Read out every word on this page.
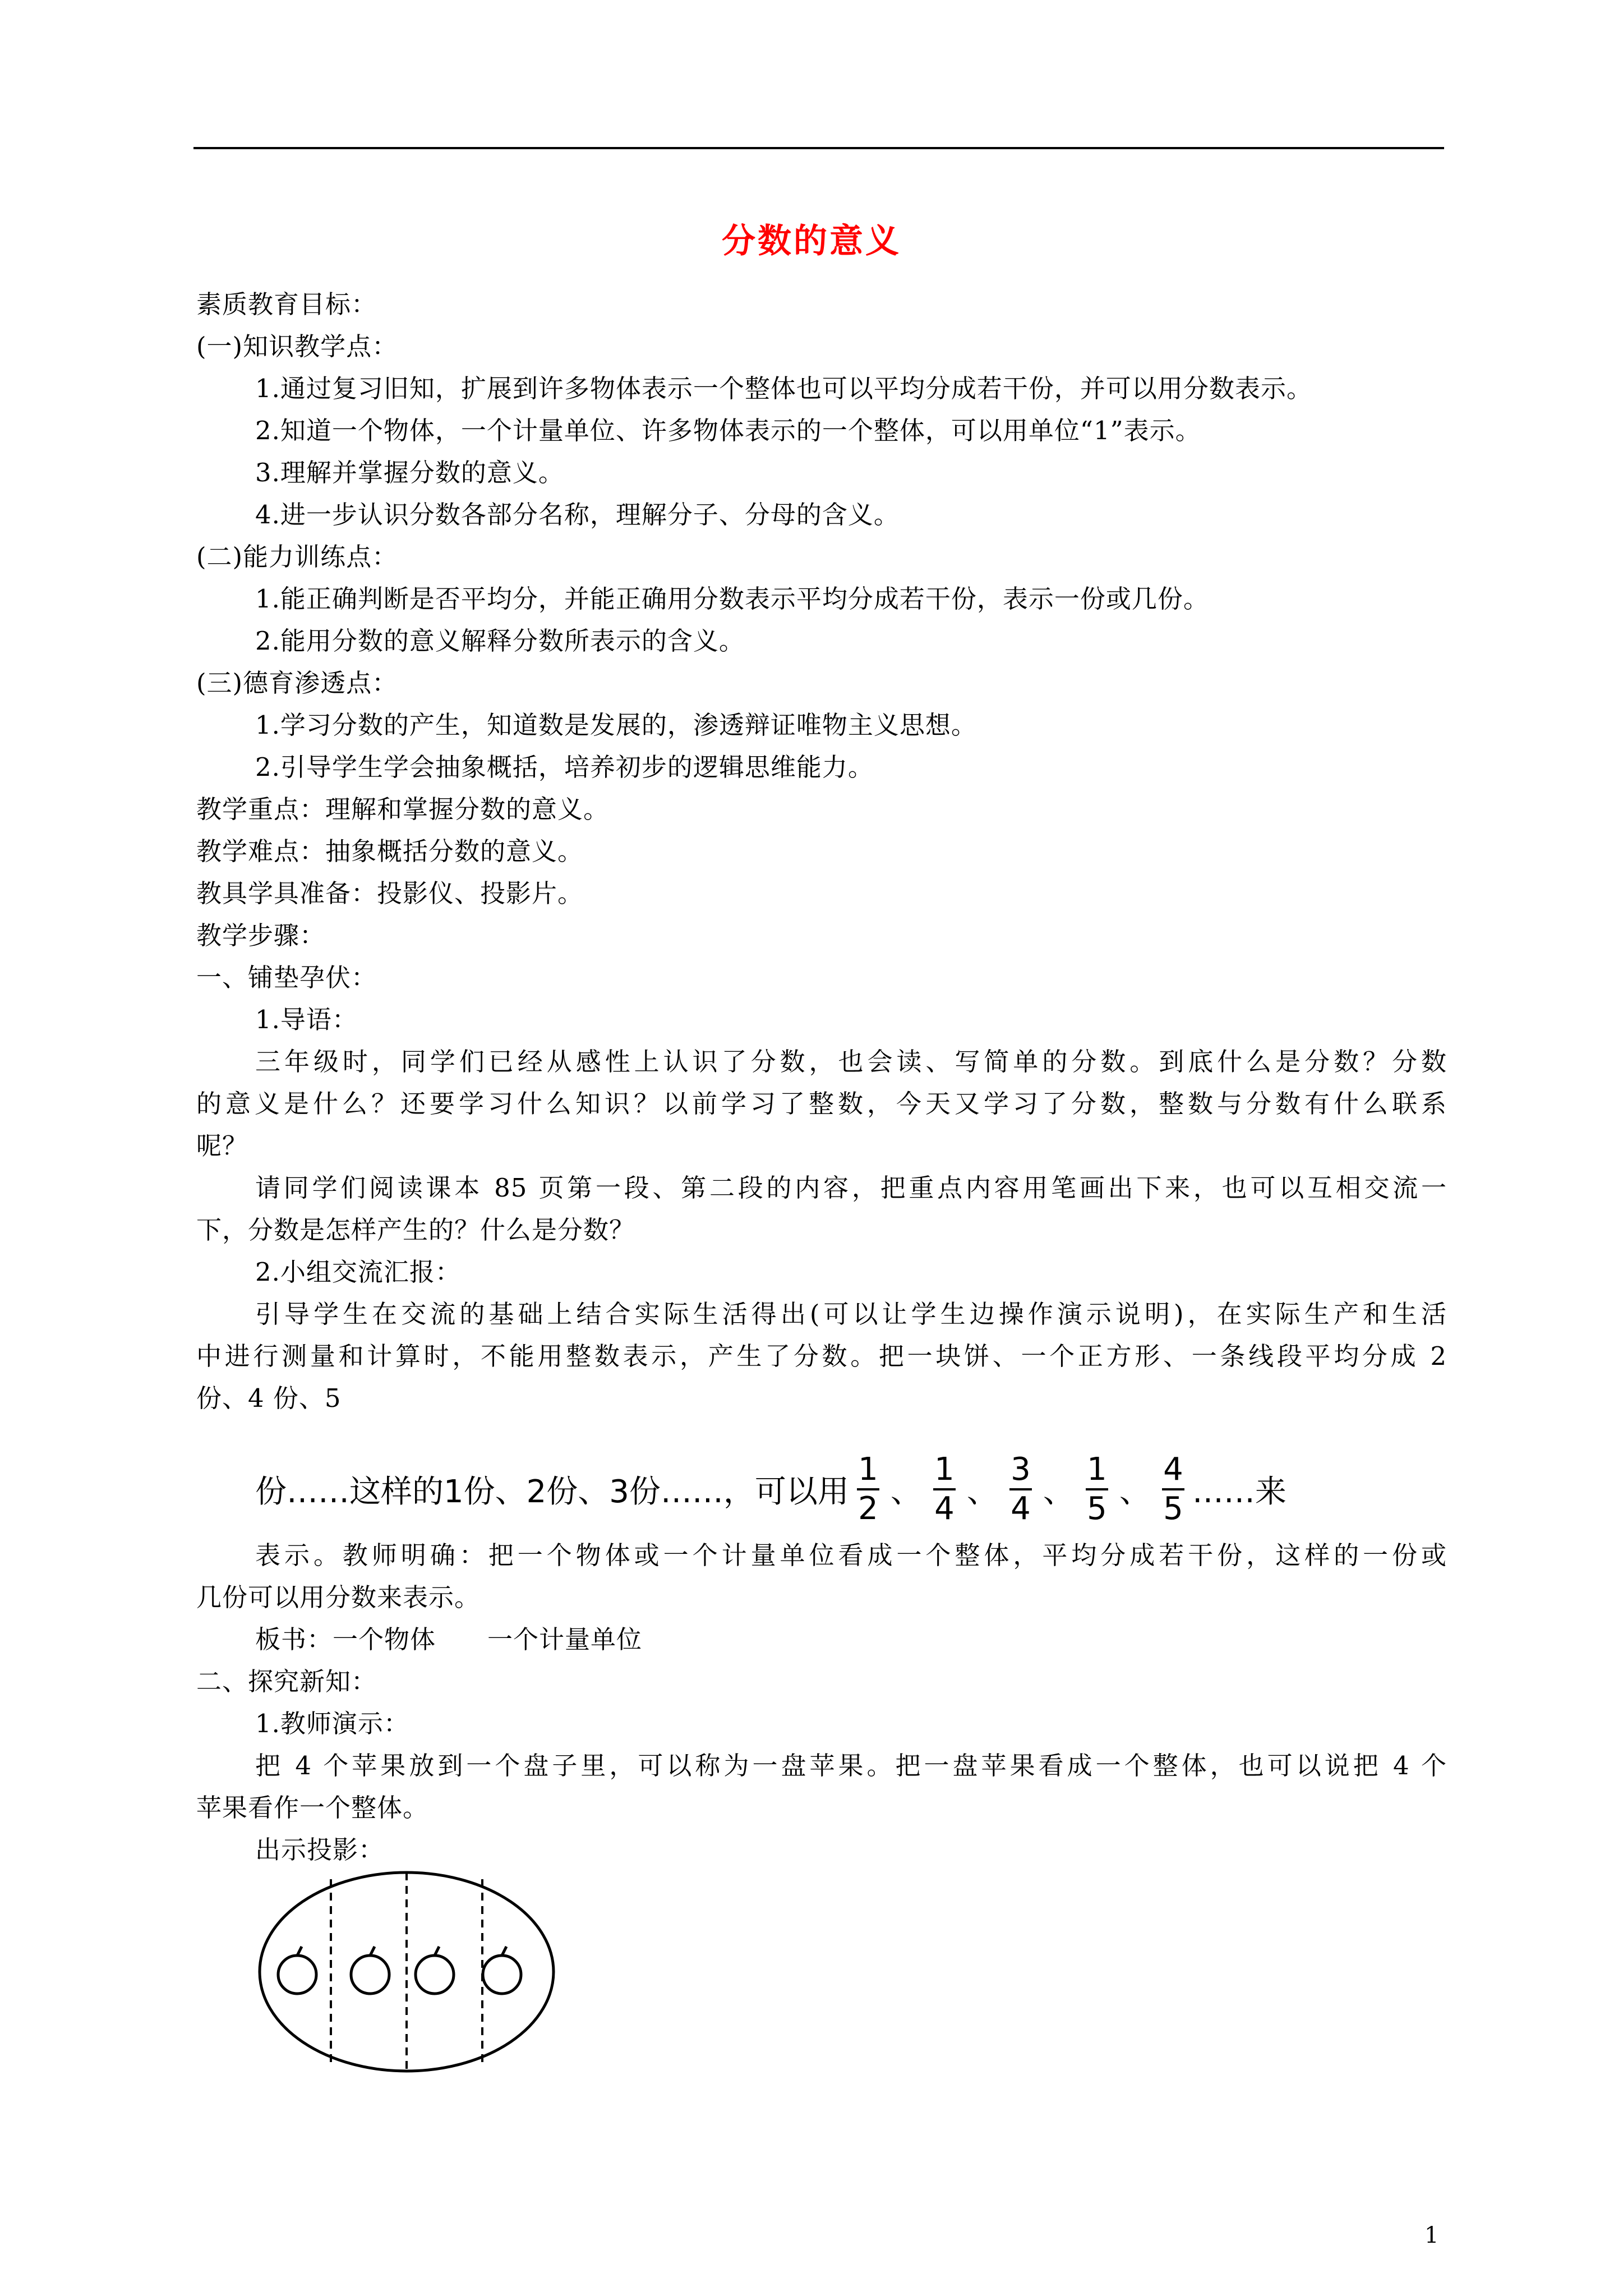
分数的意义
素质教育目标：
(一)知识教学点：
1.通过复习旧知，扩展到许多物体表示一个整体也可以平均分成若干份，并可以用分数表示。
2.知道一个物体，一个计量单位、许多物体表示的一个整体，可以用单位“1”表示。
3.理解并掌握分数的意义。
4.进一步认识分数各部分名称，理解分子、分母的含义。
(二)能力训练点：
1.能正确判断是否平均分，并能正确用分数表示平均分成若干份，表示一份或几份。
2.能用分数的意义解释分数所表示的含义。
(三)德育渗透点：
1.学习分数的产生，知道数是发展的，渗透辩证唯物主义思想。
2.引导学生学会抽象概括，培养初步的逻辑思维能力。
教学重点：理解和掌握分数的意义。
教学难点：抽象概括分数的意义。
教具学具准备：投影仪、投影片。
教学步骤：
一、铺垫孕伏：
1.导语：
三年级时，同学们已经从感性上认识了分数，也会读、写简单的分数。到底什么是分数？分数
的意义是什么？还要学习什么知识？以前学习了整数，今天又学习了分数，整数与分数有什么联系
呢？
请同学们阅读课本 85 页第一段、第二段的内容，把重点内容用笔画出下来，也可以互相交流一
下，分数是怎样产生的？什么是分数？
2.小组交流汇报：
引导学生在交流的基础上结合实际生活得出(可以让学生边操作演示说明)，在实际生产和生活
中进行测量和计算时，不能用整数表示，产生了分数。把一块饼、一个正方形、一条线段平均分成 2
份、4 份、5
份……这样的1份、2份、3份……，可以用 $\frac{1}{2}$ 、 $\frac{1}{4}$ 、 $\frac{3}{4}$ 、 $\frac{1}{5}$ 、 $\frac{4}{5}$ ……来
表示。教师明确：把一个物体或一个计量单位看成一个整体，平均分成若干份，这样的一份或
几份可以用分数来表示。
板书：一个物体　　一个计量单位
二、探究新知：
1.教师演示：
把 4 个苹果放到一个盘子里，可以称为一盘苹果。把一盘苹果看成一个整体，也可以说把 4 个
苹果看作一个整体。
出示投影：
1
